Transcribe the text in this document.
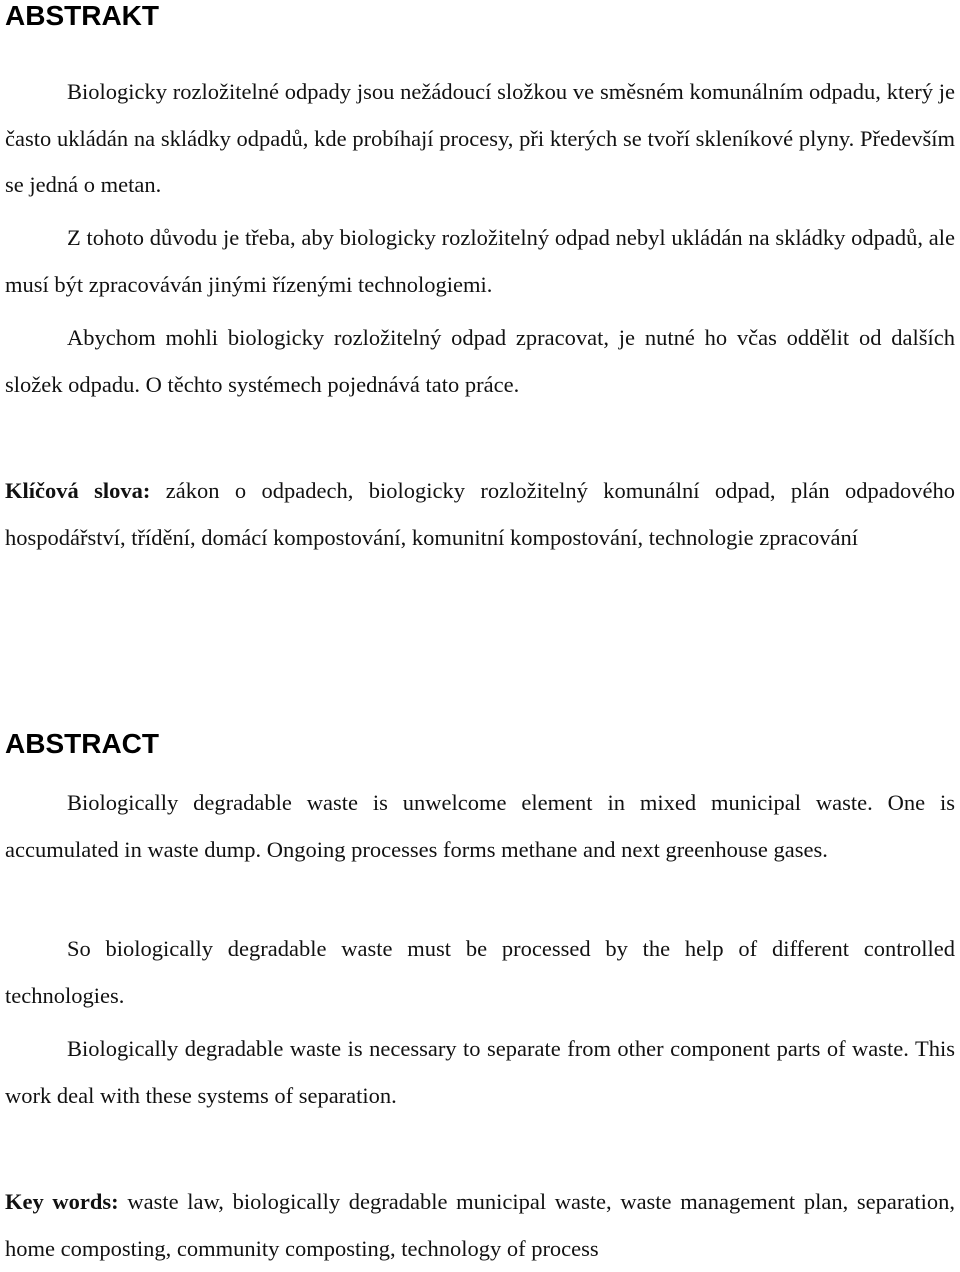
ABSTRAKT

Biologicky rozložitelné odpady jsou nežádoucí složkou ve směsném komunálním odpadu, který je často ukládán na skládky odpadů, kde probíhají procesy, při kterých se tvoří skleníkové plyny. Především se jedná o metan.

Z tohoto důvodu je třeba, aby biologicky rozložitelný odpad nebyl ukládán na skládky odpadů, ale musí být zpracováván jinými řízenými technologiemi.

Abychom mohli biologicky rozložitelný odpad zpracovat, je nutné ho včas oddělit od dalších složek odpadu. O těchto systémech pojednává tato práce.

Klíčová slova: zákon o odpadech, biologicky rozložitelný komunální odpad, plán odpadového hospodářství, třídění, domácí kompostování, komunitní kompostování, technologie zpracování

ABSTRACT

Biologically degradable waste is unwelcome element in mixed municipal waste. One is accumulated in waste dump. Ongoing processes forms methane and next greenhouse gases.

So biologically degradable waste must be processed by the help of different controlled technologies.

Biologically degradable waste is necessary to separate from other component parts of waste. This work deal with these systems of separation.

Key words: waste law, biologically degradable municipal waste, waste management plan, separation, home composting, community composting, technology of process
